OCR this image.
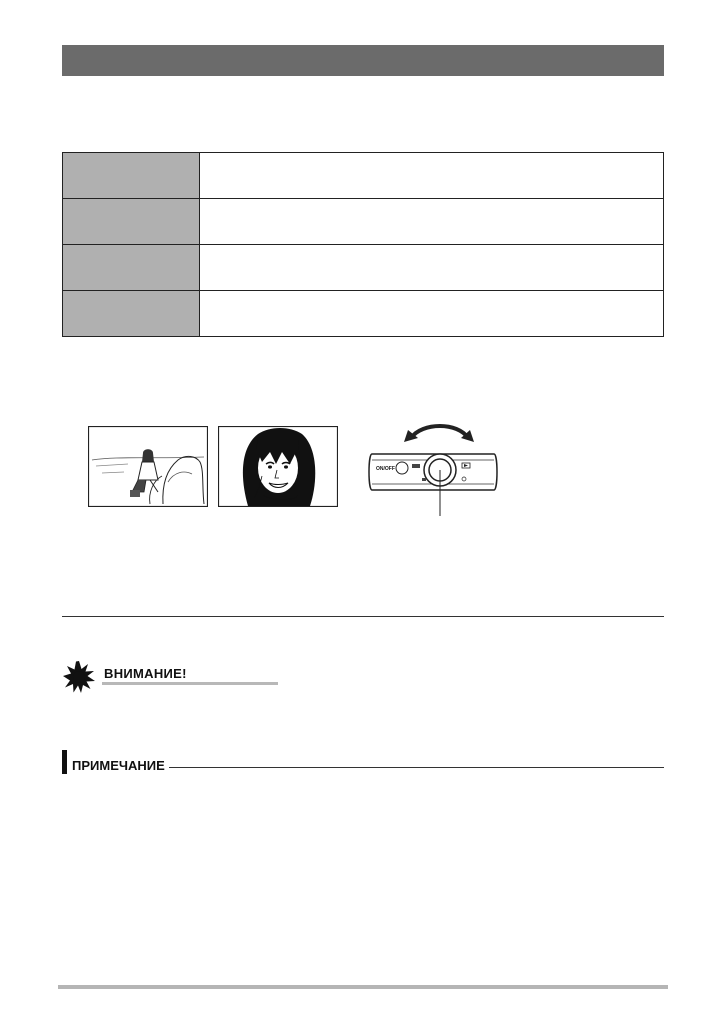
ON/OFF
ВНИМАНИЕ!
ПРИМЕЧАНИЕ
